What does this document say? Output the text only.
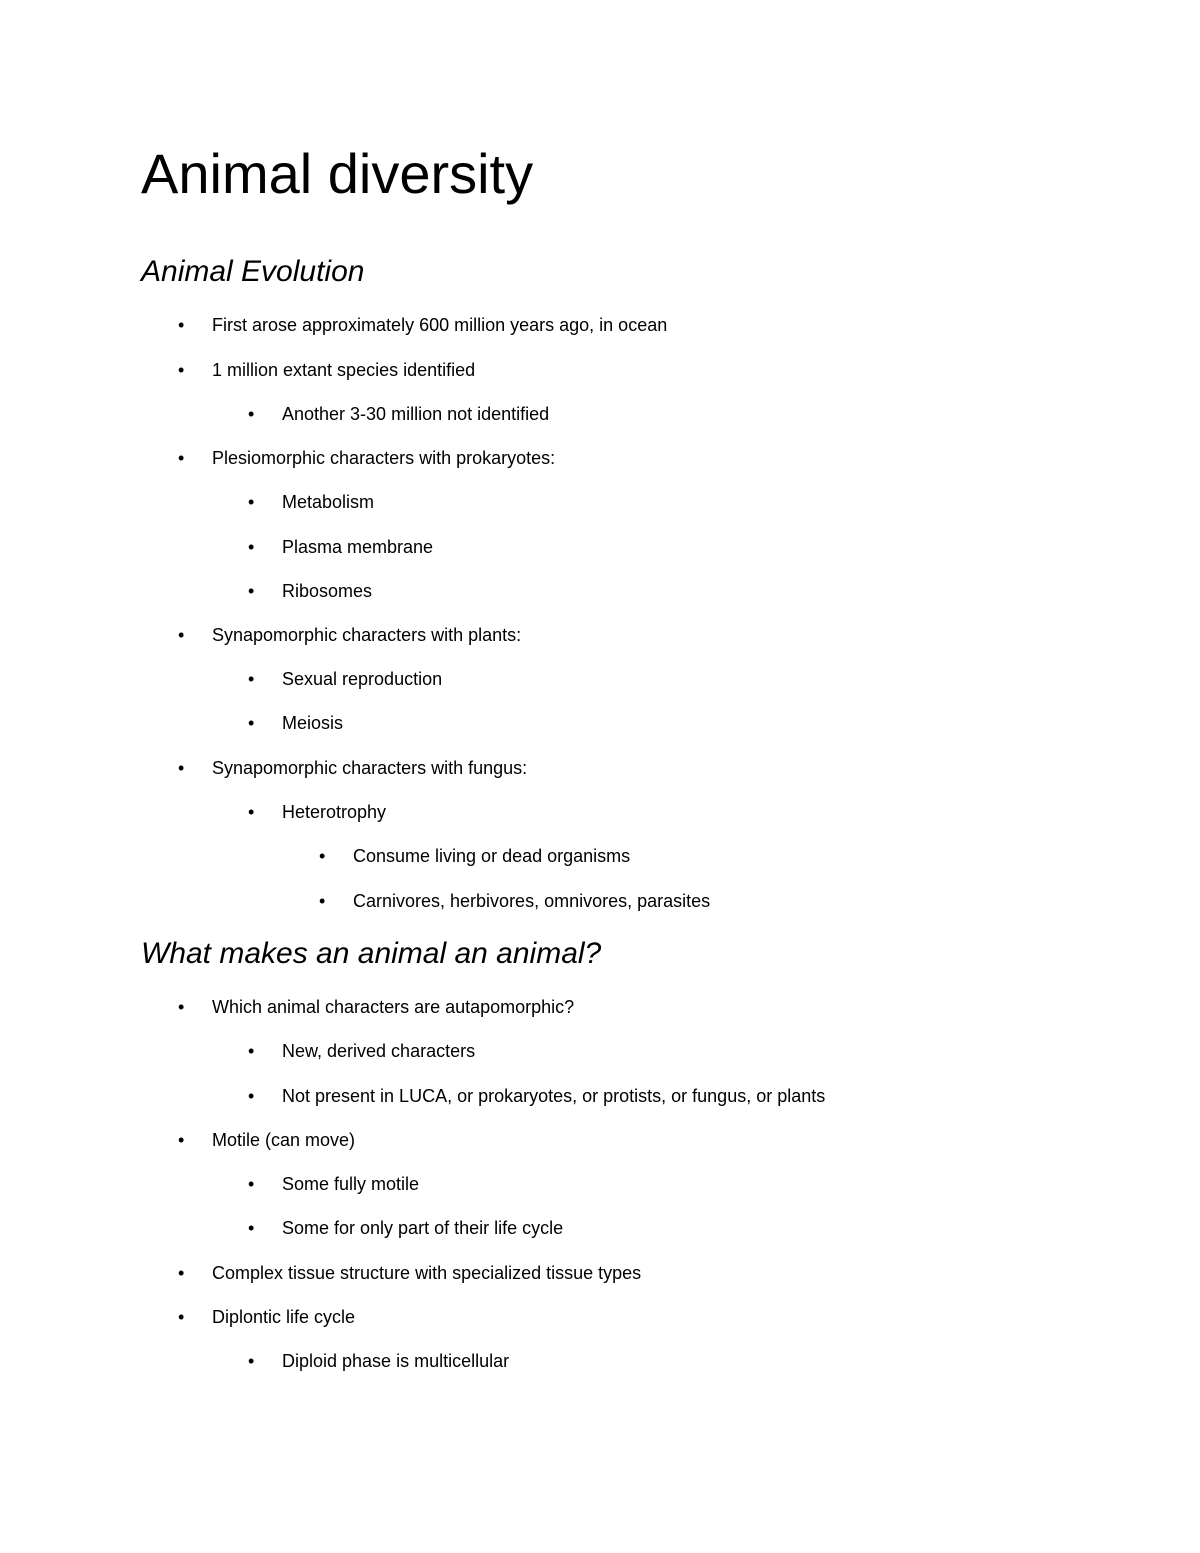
Animal diversity
Animal Evolution
• First arose approximately 600 million years ago, in ocean
• 1 million extant species identified
• Another 3-30 million not identified
• Plesiomorphic characters with prokaryotes:
• Metabolism
• Plasma membrane
• Ribosomes
• Synapomorphic characters with plants:
• Sexual reproduction
• Meiosis
• Synapomorphic characters with fungus:
• Heterotrophy
• Consume living or dead organisms
• Carnivores, herbivores, omnivores, parasites
What makes an animal an animal?
• Which animal characters are autapomorphic?
• New, derived characters
• Not present in LUCA, or prokaryotes, or protists, or fungus, or plants
• Motile (can move)
• Some fully motile
• Some for only part of their life cycle
• Complex tissue structure with specialized tissue types
• Diplontic life cycle
• Diploid phase is multicellular
